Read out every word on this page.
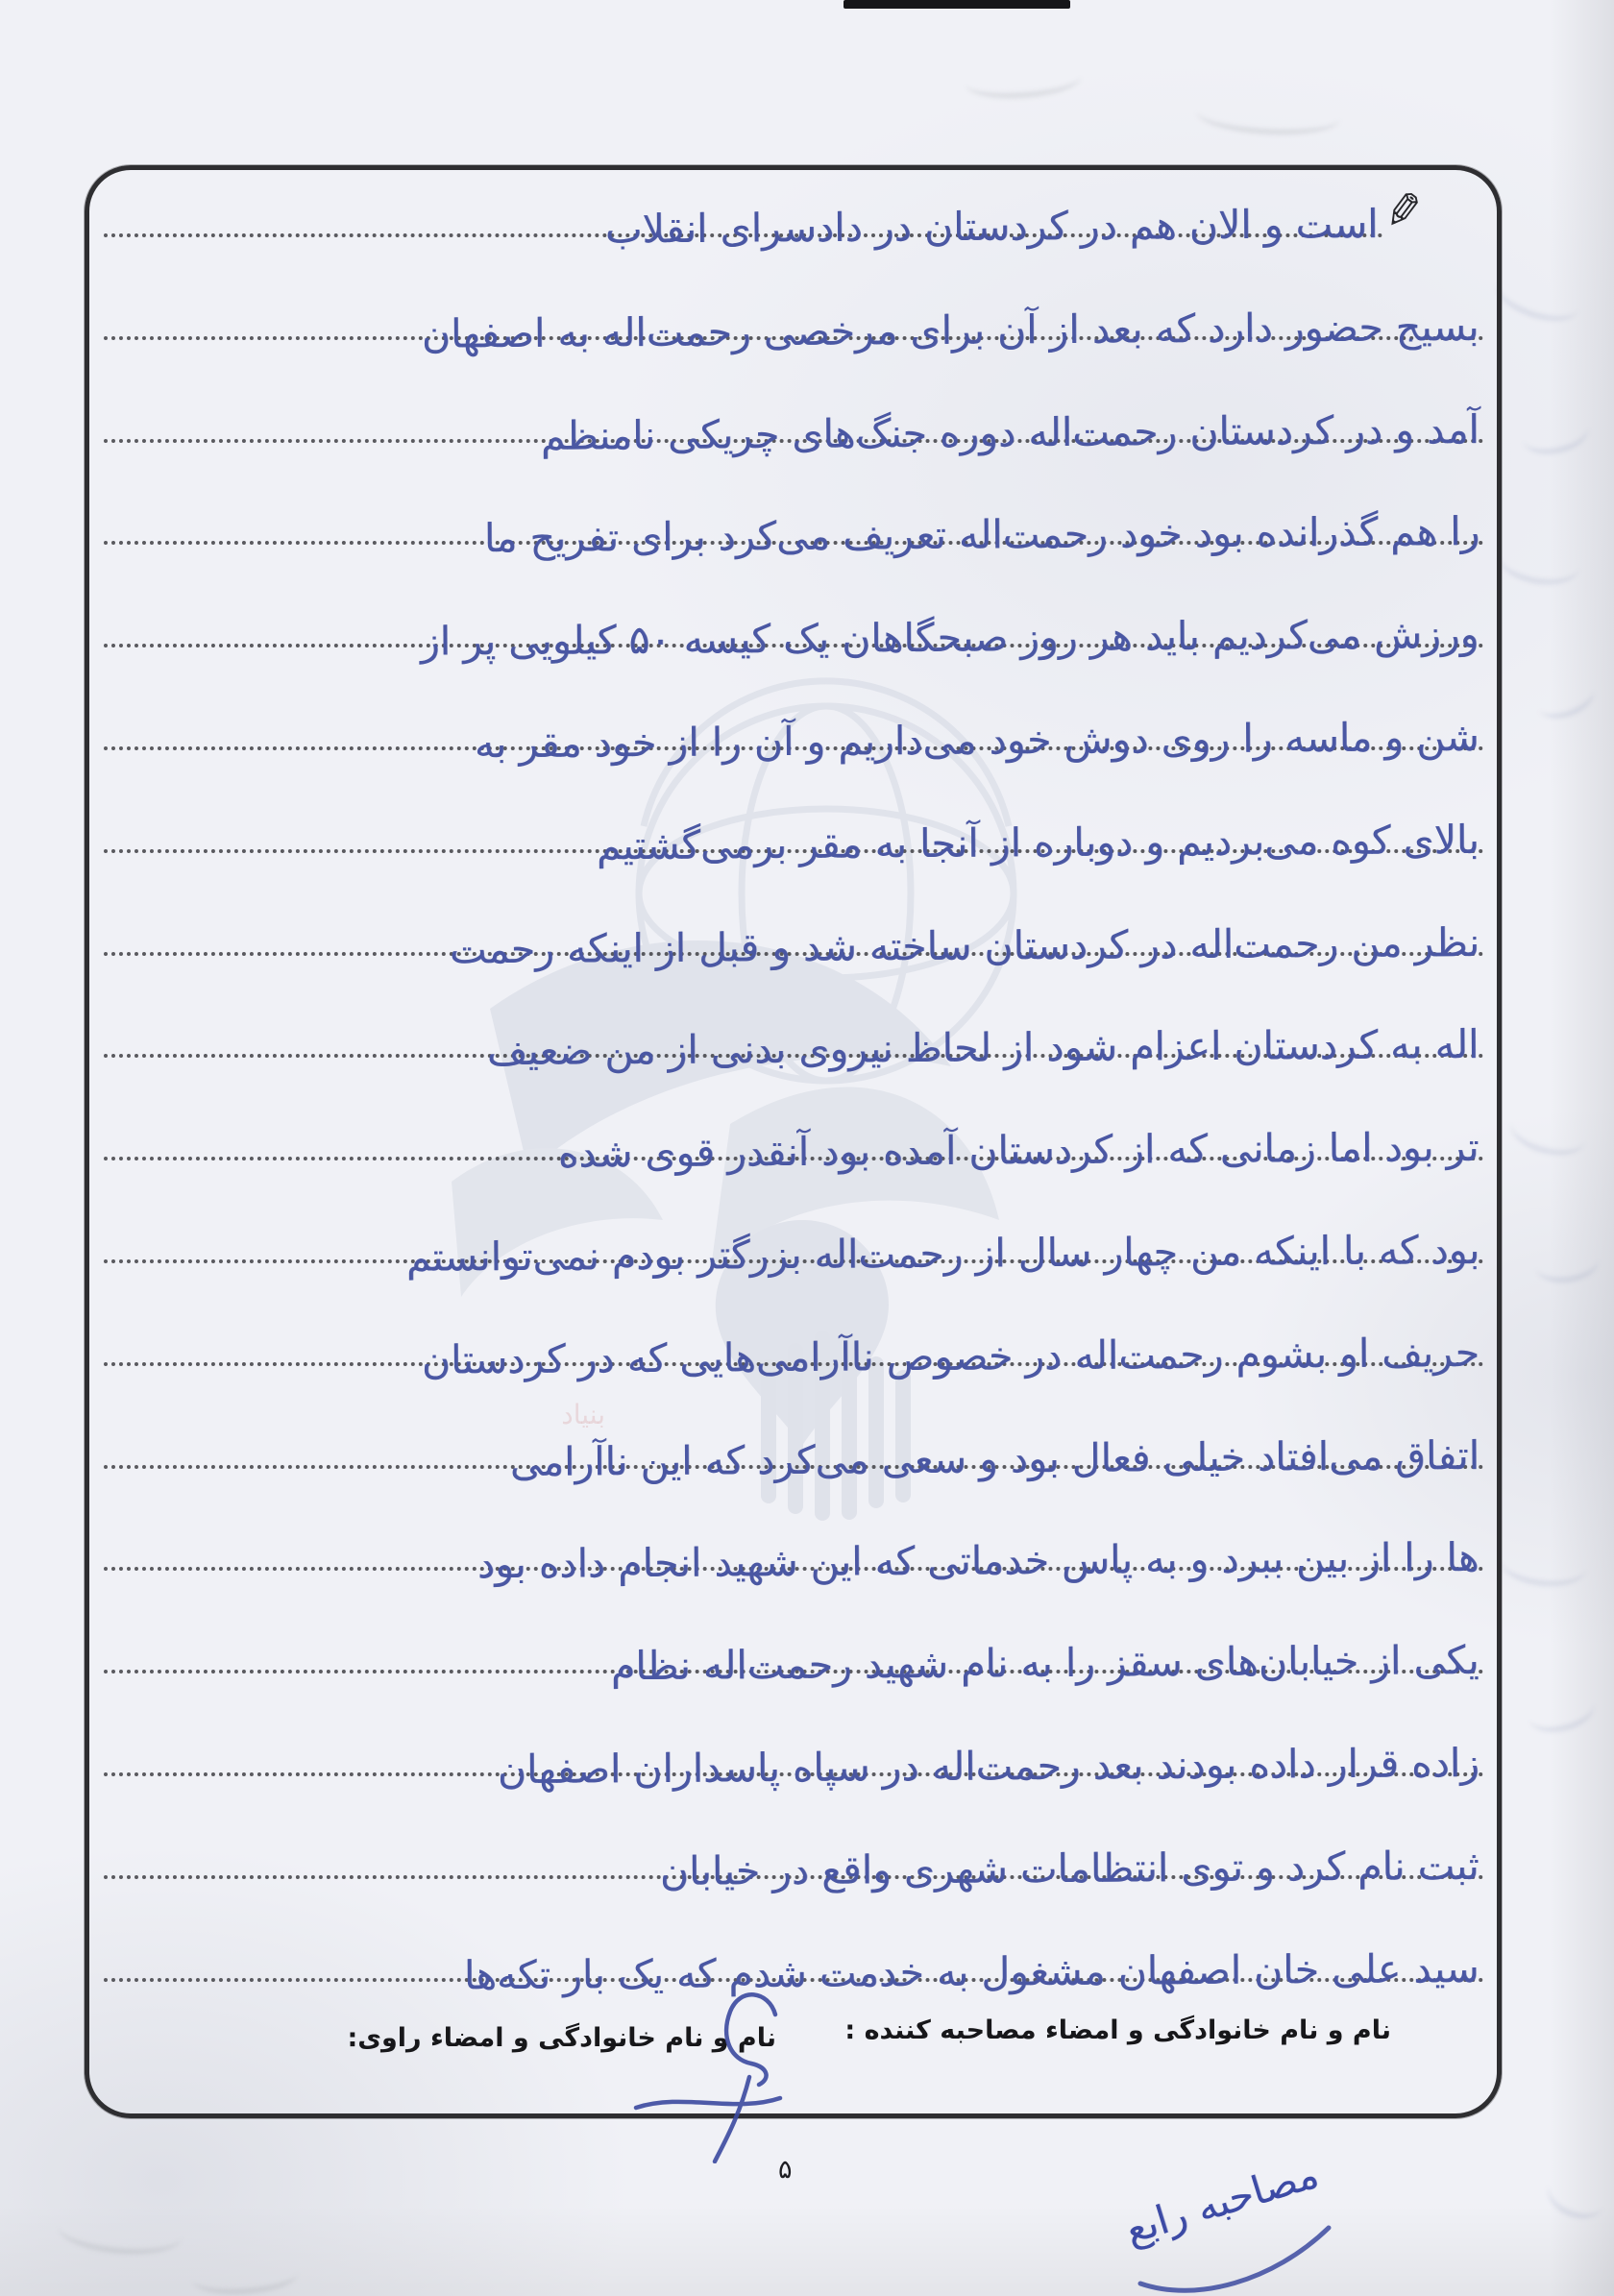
بنیاد
✎
است و الان هم در کردستان در دادسرای انقلاب
بسیج حضور دارد که بعد از آن برای مرخصی رحمت‌اله به اصفهان
آمد و در کردستان رحمت‌اله دوره جنگ‌های چریکی نامنظم
را هم گذرانده بود خود رحمت‌اله تعریف می‌کرد برای تفریح ما
ورزش می‌کردیم باید هر روز صبحگاهان یک کیسه ۵۰ کیلویی پر از
شن و ماسه را روی دوش خود می‌داریم و آن را از خود مقر به
بالای کوه می‌بردیم و دوباره از آنجا به مقر برمی‌گشتیم
نظر من رحمت‌اله در کردستان ساخته شد و قبل از اینکه رحمت
اله به کردستان اعزام شود از لحاظ نیروی بدنی از من ضعیف
تر بود اما زمانی که از کردستان آمده بود آنقدر قوی شده
بود که با اینکه من چهار سال از رحمت‌اله بزرگتر بودم نمی‌توانستم
حریف او بشوم رحمت‌اله در خصوص ناآرامی‌هایی که در کردستان
اتفاق می‌افتاد خیلی فعال بود و سعی می‌کرد که این ناآرامی
ها را از بین ببرد و به پاس خدماتی که این شهید انجام داده بود
یکی از خیابان‌های سقز را به نام شهید رحمت‌اله نظام
زاده قرار داده بودند بعد رحمت‌اله در سپاه پاسداران اصفهان
ثبت نام کرد و توی انتظامات شهری واقع در خیابان
سید علی خان اصفهان مشغول به خدمت شدم که یک بار تکه‌ها
نام و نام خانوادگی و امضاء مصاحبه کننده :
نام و نام خانوادگی و امضاء راوی:
۵	مصاحبه رابع
